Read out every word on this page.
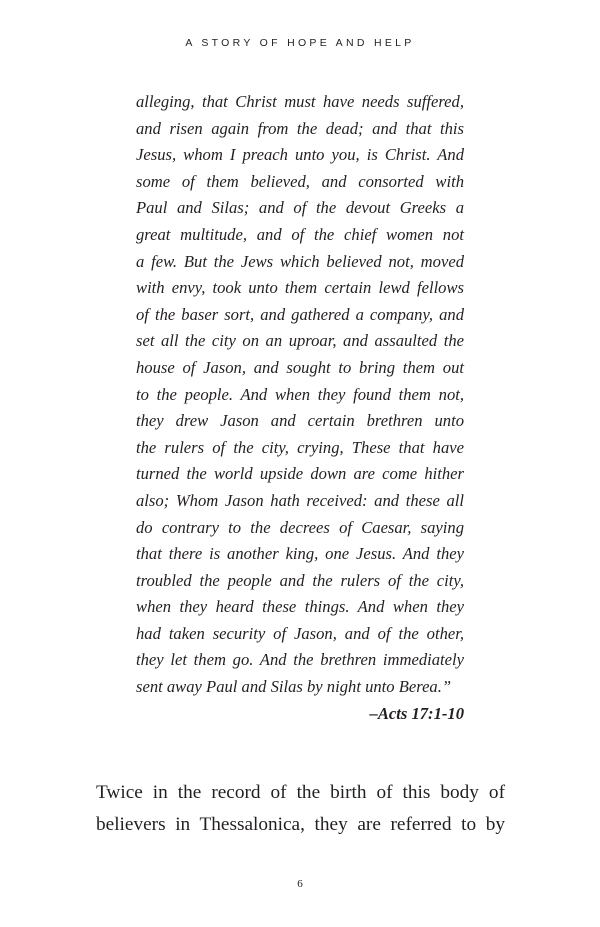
A STORY OF HOPE AND HELP
alleging, that Christ must have needs suffered,
and risen again from the dead; and that this
Jesus, whom I preach unto you, is Christ. And
some of them believed, and consorted with
Paul and Silas; and of the devout Greeks a
great multitude, and of the chief women not
a few. But the Jews which believed not, moved
with envy, took unto them certain lewd fellows
of the baser sort, and gathered a company, and
set all the city on an uproar, and assaulted the
house of Jason, and sought to bring them out
to the people. And when they found them not,
they drew Jason and certain brethren unto
the rulers of the city, crying, These that have
turned the world upside down are come hither
also; Whom Jason hath received: and these all
do contrary to the decrees of Caesar, saying
that there is another king, one Jesus. And they
troubled the people and the rulers of the city,
when they heard these things. And when they
had taken security of Jason, and of the other,
they let them go. And the brethren immediately
sent away Paul and Silas by night unto Berea.”
–Acts 17:1-10
Twice in the record of the birth of this body of
believers in Thessalonica, they are referred to by
6
